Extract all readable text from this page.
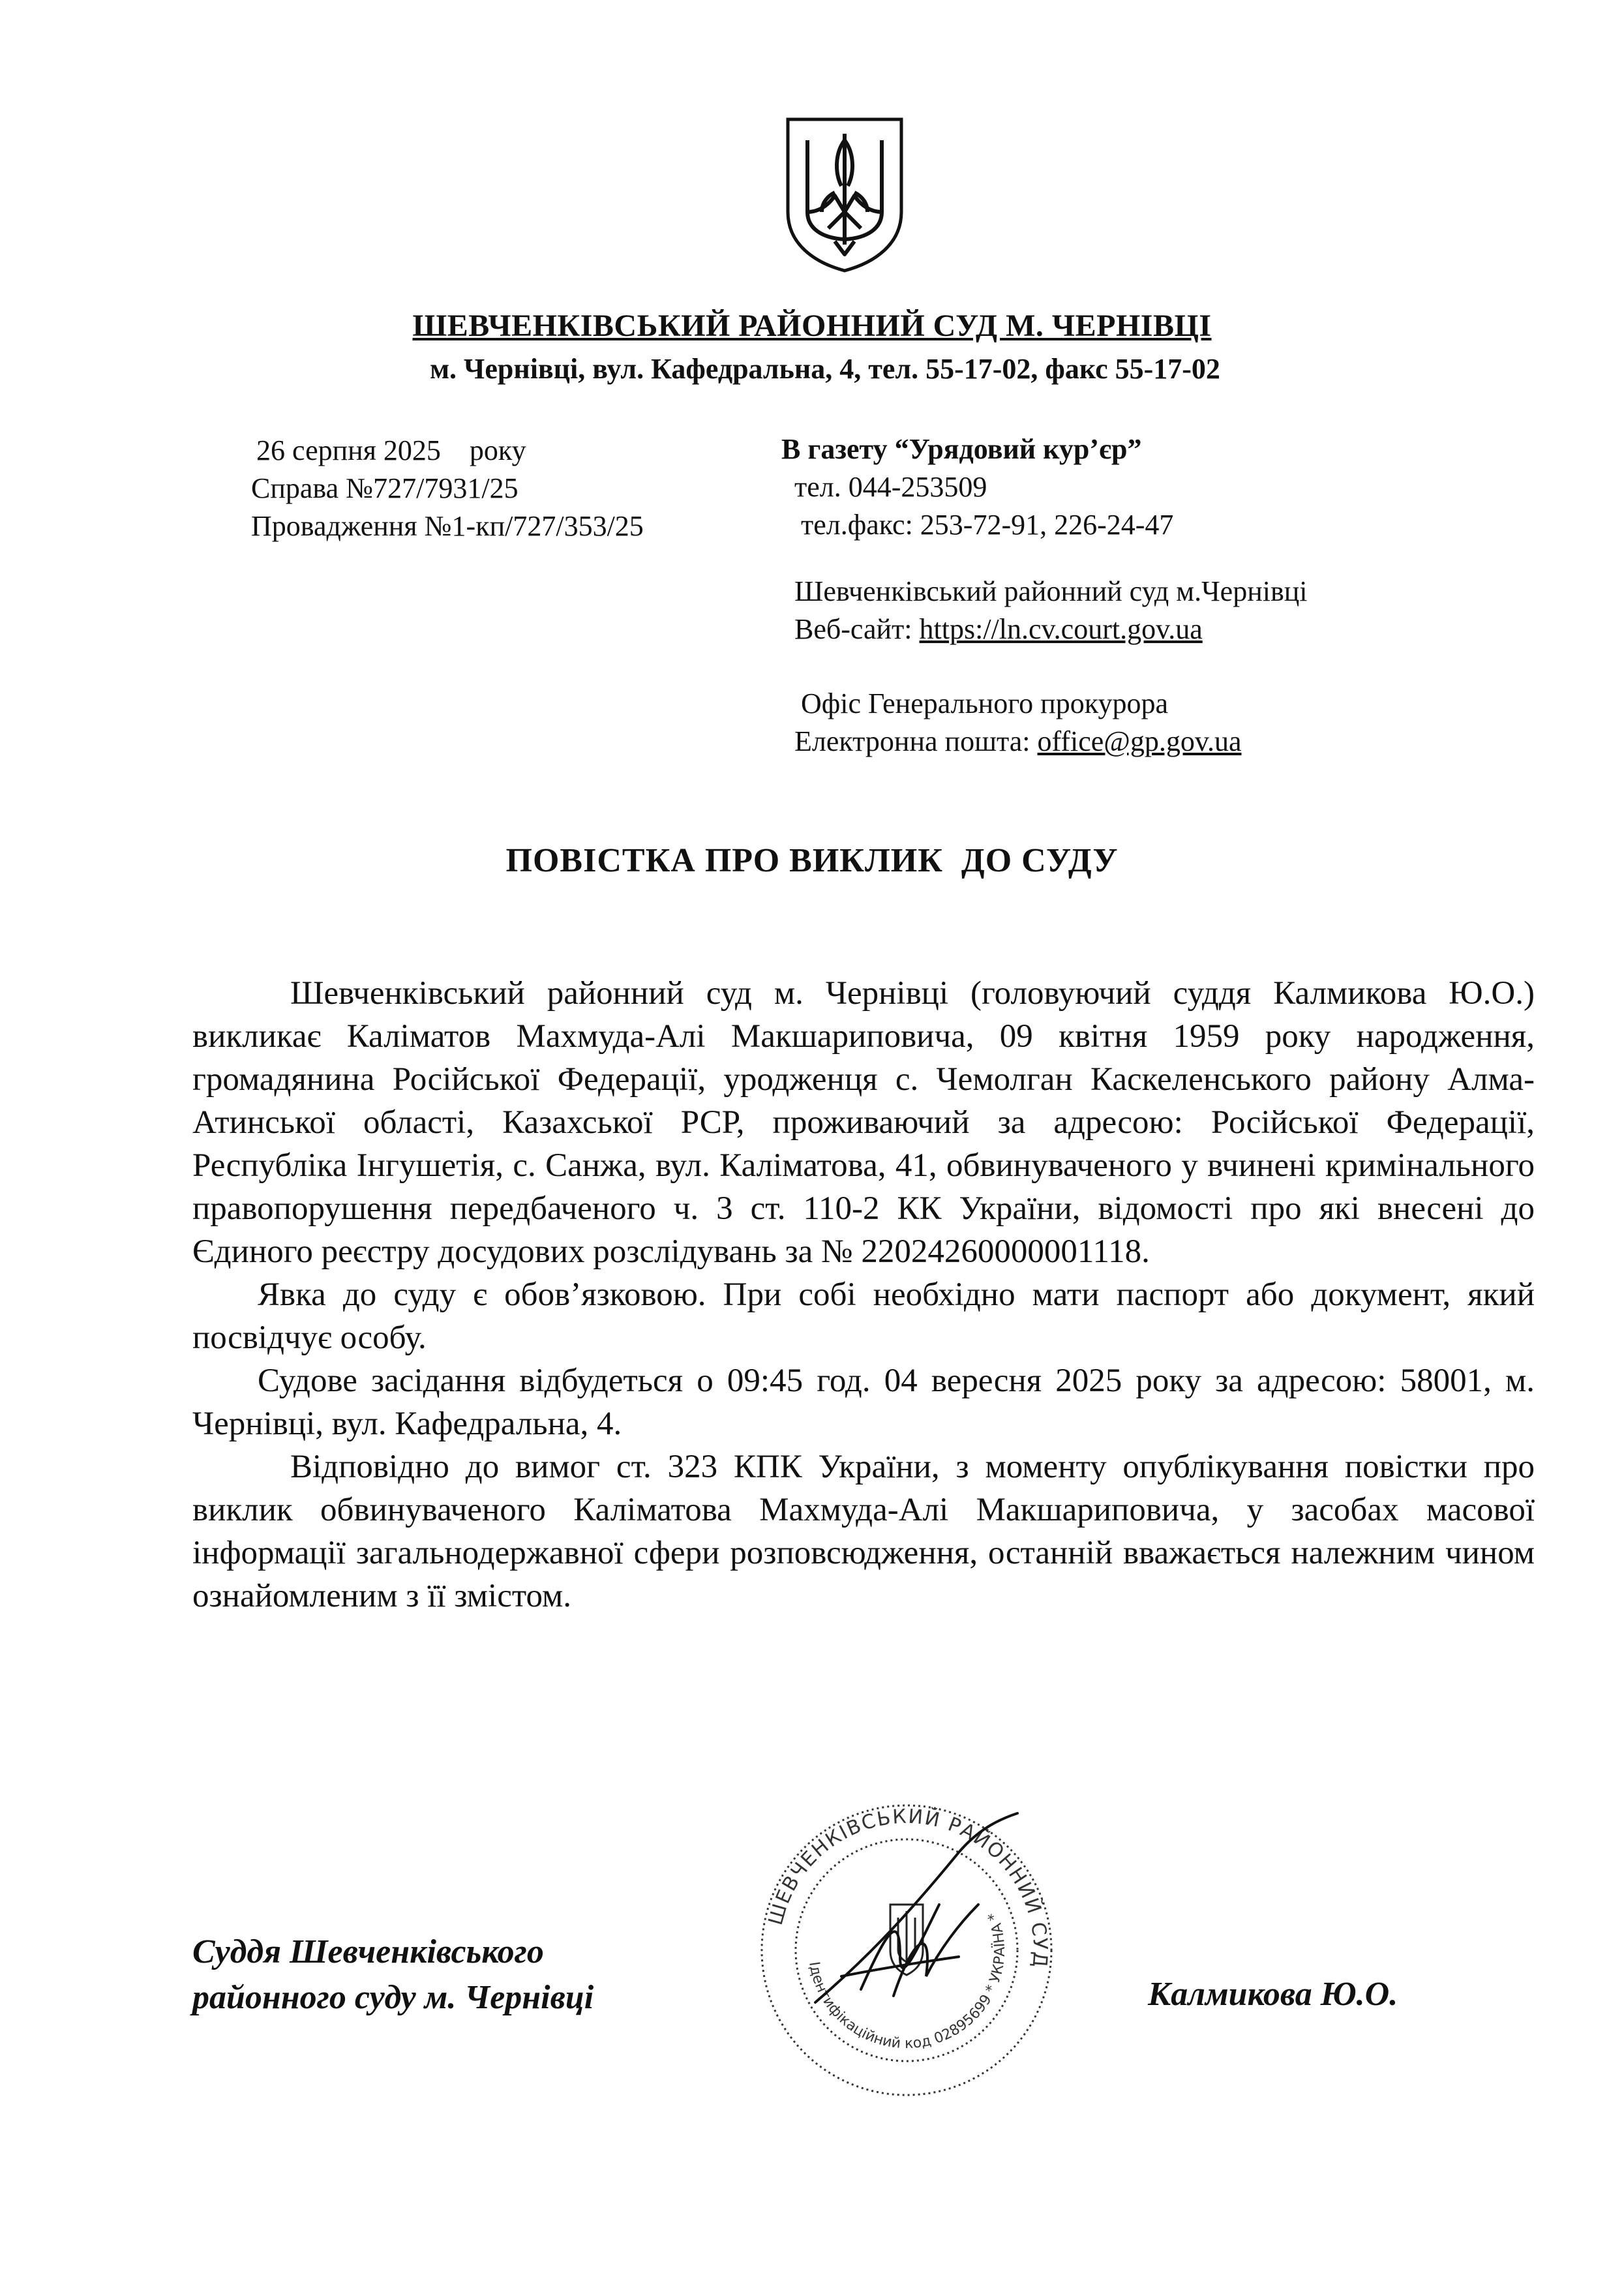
ШЕВЧЕНКІВСЬКИЙ РАЙОННИЙ СУД М. ЧЕРНІВЦІ
м. Чернівці, вул. Кафедральна, 4, тел. 55-17-02, факс 55-17-02
26 серпня 2025    року
Справа №727/7931/25
Провадження №1-кп/727/353/25
В газету “Урядовий кур’єр”
тел. 044-253509
тел.факс: 253-72-91, 226-24-47
Шевченківський районний суд м.Чернівці
Веб-сайт: https://ln.cv.court.gov.ua
Офіс Генерального прокурора
Електронна пошта: office@gp.gov.ua
ПОВІСТКА ПРО ВИКЛИК  ДО СУДУ

Шевченківський районний суд м. Чернівці (головуючий суддя Калмикова Ю.О.) викликає Каліматов Махмуда-Алі Макшариповича, 09 квітня 1959 року народження, громадянина Російської Федерації, уродженця с. Чемолган Каскеленського району Алма-Атинської області, Казахської РСР, проживаючий за адресою: Російської Федерації, Республіка Інгушетія, с. Санжа, вул. Каліматова, 41, обвинуваченого у вчинені кримінального правопорушення передбаченого ч. 3 ст. 110-2 КК України, відомості про які внесені до Єдиного реєстру досудових розслідувань за № 22024260000001118.

Явка до суду є обов’язковою. При собі необхідно мати паспорт або документ, який посвідчує особу.

Судове засідання відбудеться о 09:45 год. 04 вересня 2025 року за адресою: 58001, м. Чернівці, вул. Кафедральна, 4.

Відповідно до вимог ст. 323 КПК України, з моменту опублікування повістки про виклик обвинуваченого Каліматова Махмуда-Алі Макшариповича, у засобах масової інформації загальнодержавної сфери розповсюдження, останній вважається належним чином ознайомленим з її змістом.

Суддя Шевченківського
районного суду м. Чернівці
ШЕВЧЕНКІВСЬКИЙ РАЙОННИЙ СУД
Ідентифікаційний код 02895699 * УКРАЇНА *
Калмикова Ю.О.
